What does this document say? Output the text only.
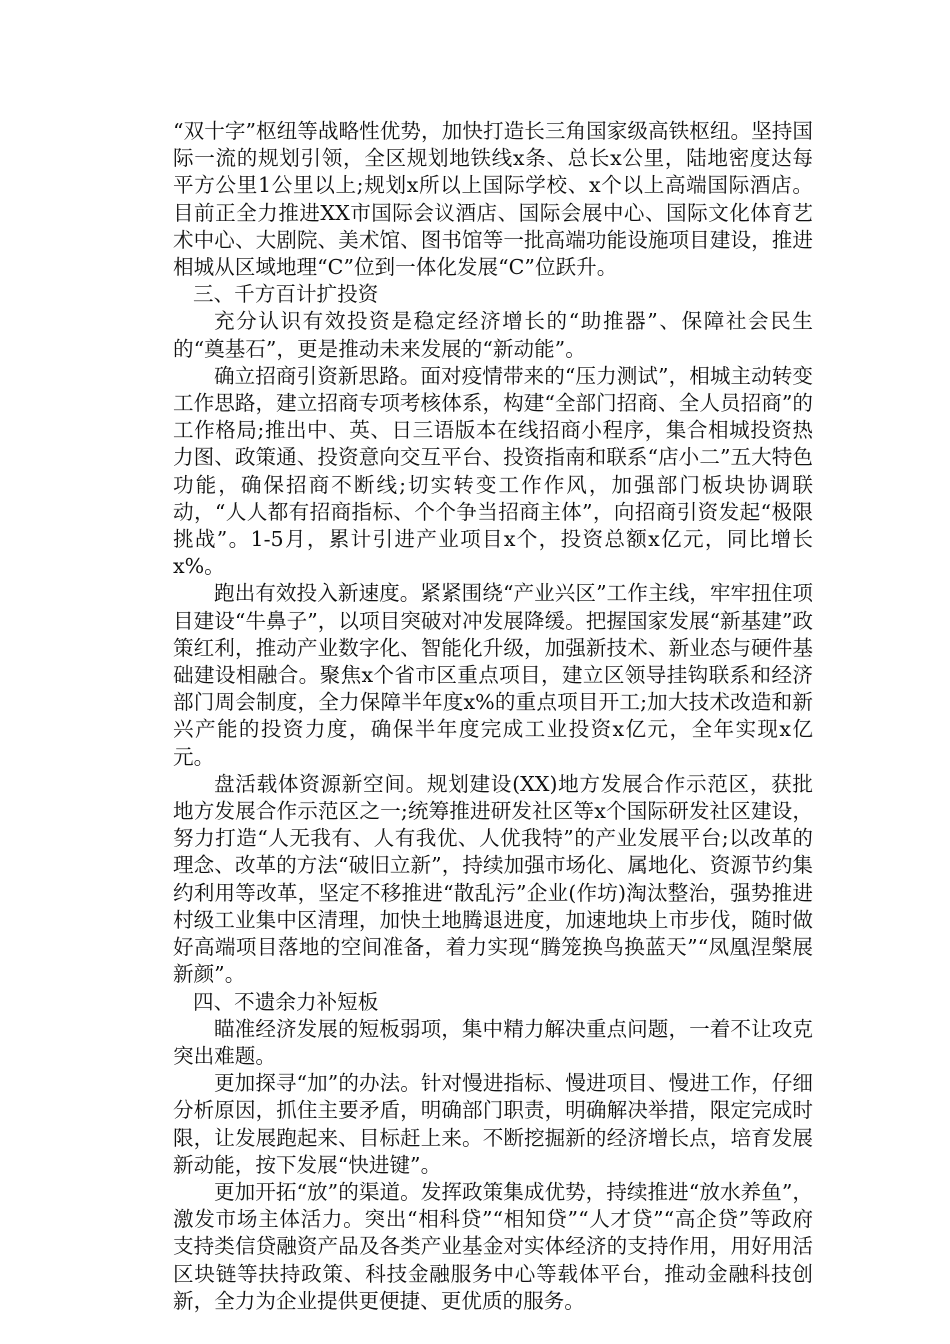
“双十字”枢纽等战略性优势，加快打造长三角国家级高铁枢纽。坚持国际一流的规划引领，全区规划地铁线x条、总长x公里，陆地密度达每平方公里1公里以上;规划x所以上国际学校、x个以上高端国际酒店。目前正全力推进XX市国际会议酒店、国际会展中心、国际文化体育艺术中心、大剧院、美术馆、图书馆等一批高端功能设施项目建设，推进相城从区域地理“C”位到一体化发展“C”位跃升。

三、千方百计扩投资

充分认识有效投资是稳定经济增长的“助推器”、保障社会民生的“奠基石”，更是推动未来发展的“新动能”。

确立招商引资新思路。面对疫情带来的“压力测试”，相城主动转变工作思路，建立招商专项考核体系，构建“全部门招商、全人员招商”的工作格局;推出中、英、日三语版本在线招商小程序，集合相城投资热力图、政策通、投资意向交互平台、投资指南和联系“店小二”五大特色功能，确保招商不断线;切实转变工作作风，加强部门板块协调联动，“人人都有招商指标、个个争当招商主体”，向招商引资发起“极限挑战”。1-5月，累计引进产业项目x个，投资总额x亿元，同比增长x%。

跑出有效投入新速度。紧紧围绕“产业兴区”工作主线，牢牢扭住项目建设“牛鼻子”，以项目突破对冲发展降缓。把握国家发展“新基建”政策红利，推动产业数字化、智能化升级，加强新技术、新业态与硬件基础建设相融合。聚焦x个省市区重点项目，建立区领导挂钩联系和经济部门周会制度，全力保障半年度x%的重点项目开工;加大技术改造和新兴产能的投资力度，确保半年度完成工业投资x亿元，全年实现x亿元。

盘活载体资源新空间。规划建设(XX)地方发展合作示范区，获批地方发展合作示范区之一;统筹推进研发社区等x个国际研发社区建设，努力打造“人无我有、人有我优、人优我特”的产业发展平台;以改革的理念、改革的方法“破旧立新”，持续加强市场化、属地化、资源节约集约利用等改革，坚定不移推进“散乱污”企业(作坊)淘汰整治，强势推进村级工业集中区清理，加快土地腾退进度，加速地块上市步伐，随时做好高端项目落地的空间准备，着力实现“腾笼换鸟换蓝天”“凤凰涅槃展新颜”。

四、不遗余力补短板

瞄准经济发展的短板弱项，集中精力解决重点问题，一着不让攻克突出难题。

更加探寻“加”的办法。针对慢进指标、慢进项目、慢进工作，仔细分析原因，抓住主要矛盾，明确部门职责，明确解决举措，限定完成时限，让发展跑起来、目标赶上来。不断挖掘新的经济增长点，培育发展新动能，按下发展“快进键”。

更加开拓“放”的渠道。发挥政策集成优势，持续推进“放水养鱼”，激发市场主体活力。突出“相科贷”“相知贷”“人才贷”“高企贷”等政府支持类信贷融资产品及各类产业基金对实体经济的支持作用，用好用活区块链等扶持政策、科技金融服务中心等载体平台，推动金融科技创新，全力为企业提供更便捷、更优质的服务。
